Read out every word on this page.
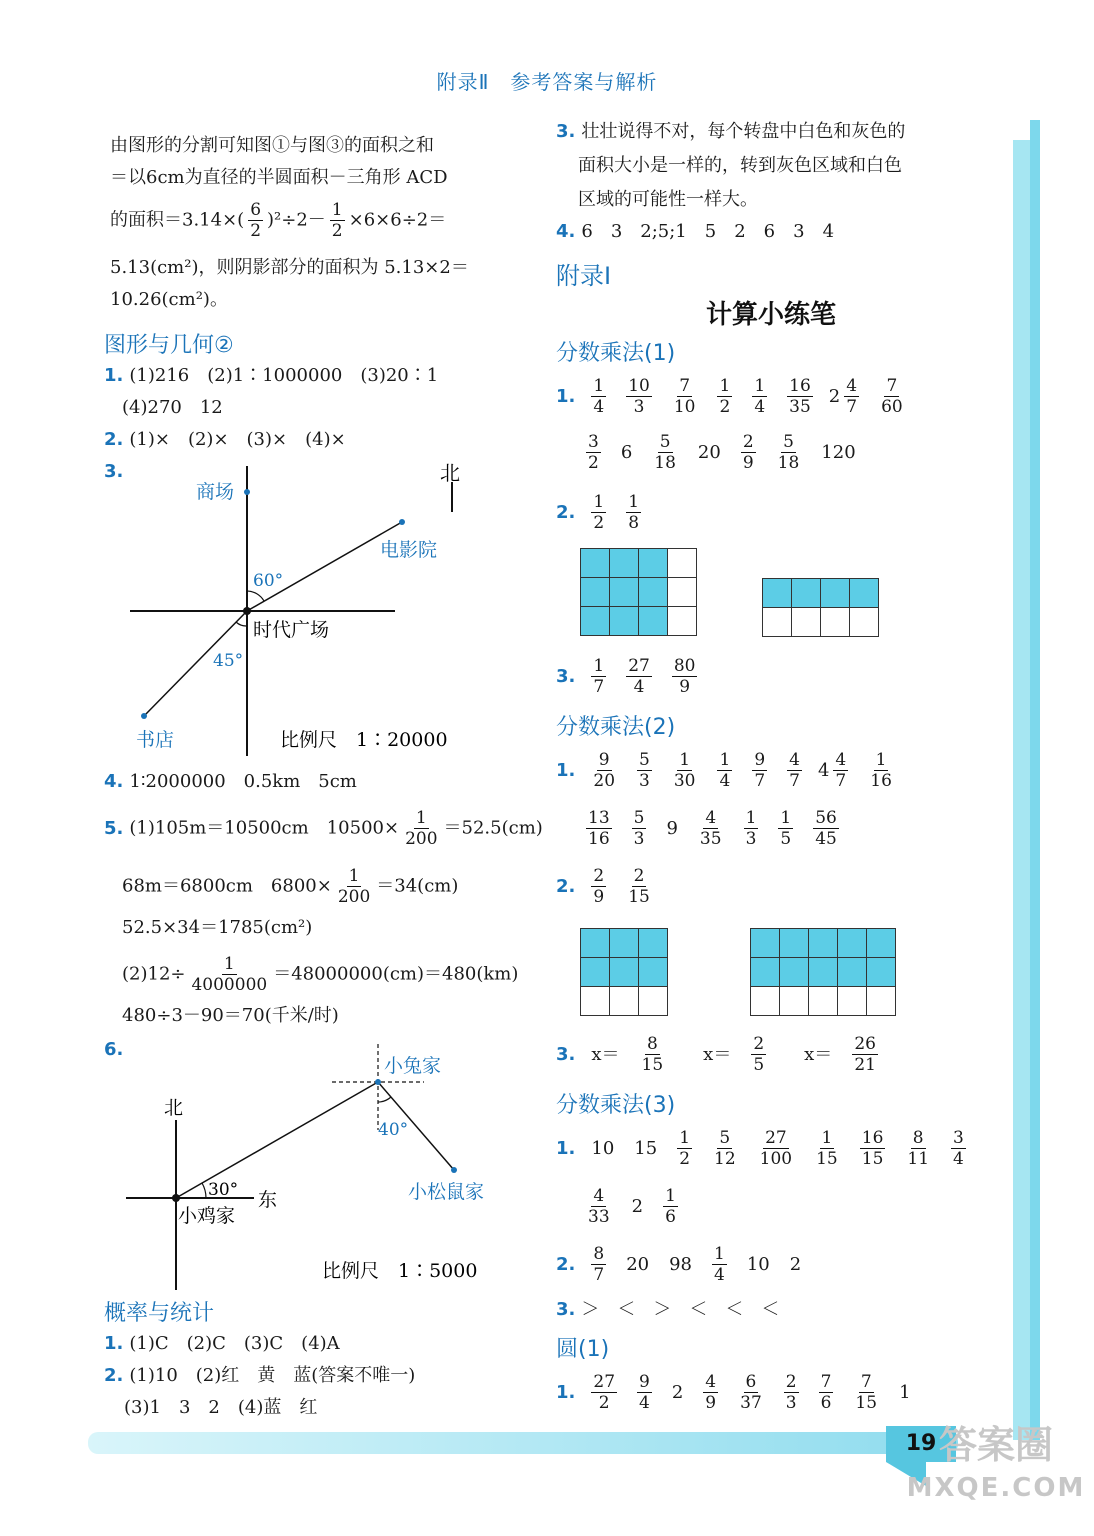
19 答案圈
MXQE.COM
附录Ⅱ　参考答案与解析
由图形的分割可知图①与图③的面积之和
＝以6cm为直径的半圆面积－三角形 ACD
的面积$=3.14\times( \frac{6}{2} )^2\div 2- \frac{1}{2} \times 6\times 6\div 2=$
5.13(cm²)，则阴影部分的面积为 5.13×2＝
10.26(cm²)。
图形与几何②
1. (1)216　(2)1∶1000000　(3)20∶1
(4)270　12
2. (1)×　(2)×　(3)×　(4)×
3.	北
商场
电影院
60°
时代广场
45°
书店	比例尺　1∶20000
4. 1∶2000000　0.5km　5cm
5. (1)105m＝10500cm　$10500\times \frac{1}{200} =52.5(cm)$
68m＝6800cm　$6800\times \frac{1}{200} =34(cm)$
52.5×34＝1785(cm²)
$(2)12\div \frac{1}{4000000} =48000000(cm)=480(km)$
480÷3－90＝70(千米/时)
6.
北
小兔家
40°
30° 东
小鸡家
小松鼠家
比例尺　1∶5000
概率与统计
1. (1)C　(2)C　(3)C　(4)A
2. (1)10　(2)红　黄　蓝(答案不唯一)
(3)1　3　2　(4)蓝　红
3. 壮壮说得不对，每个转盘中白色和灰色的
面积大小是一样的，转到灰色区域和白色
区域的可能性一样大。
4. 6　3　2;5;1　5　2　6　3　4
附录Ⅰ
计算小练笔
分数乘法(1)
1. $\frac{1}{4} \frac{10}{3} \frac{7}{10} \frac{1}{2} \frac{1}{4} \frac{16}{35} 2 \frac{4}{7} \frac{7}{60}$
$\frac{3}{2} 6 \frac{5}{18} 20 \frac{2}{9} \frac{5}{18} 120$
2. $\frac{1}{2} \frac{1}{8}$

3. $\frac{1}{7} \frac{27}{4} \frac{80}{9}$
分数乘法(2)
1. $\frac{9}{20} \frac{5}{3} \frac{1}{30} \frac{1}{4} \frac{9}{7} \frac{4}{7} 4 \frac{4}{7} \frac{1}{16}$
$\frac{13}{16} \frac{5}{3} 9 \frac{4}{35} \frac{1}{3} \frac{1}{5} \frac{56}{45}$
2. $\frac{2}{9} \frac{2}{15}$

3. $x= \frac{8}{15}$ 　$x= \frac{2}{5}$ 　$x= \frac{26}{21}$
分数乘法(3)
1. 10 $15 \frac{1}{2} \frac{5}{12} \frac{27}{100} \frac{1}{15} \frac{16}{15} \frac{8}{11} \frac{3}{4}$
$\frac{4}{33} 2 \frac{1}{6}$
2. $\frac{8}{7} 20$ $98 \frac{1}{4} 10$ 2
3. ＞　＜　＞　＜　＜　＜
圆(1)
1. $\frac{27}{2} \frac{9}{4} 2 \frac{4}{9} \frac{6}{37} \frac{2}{3} \frac{7}{6} \frac{7}{15} 1$
